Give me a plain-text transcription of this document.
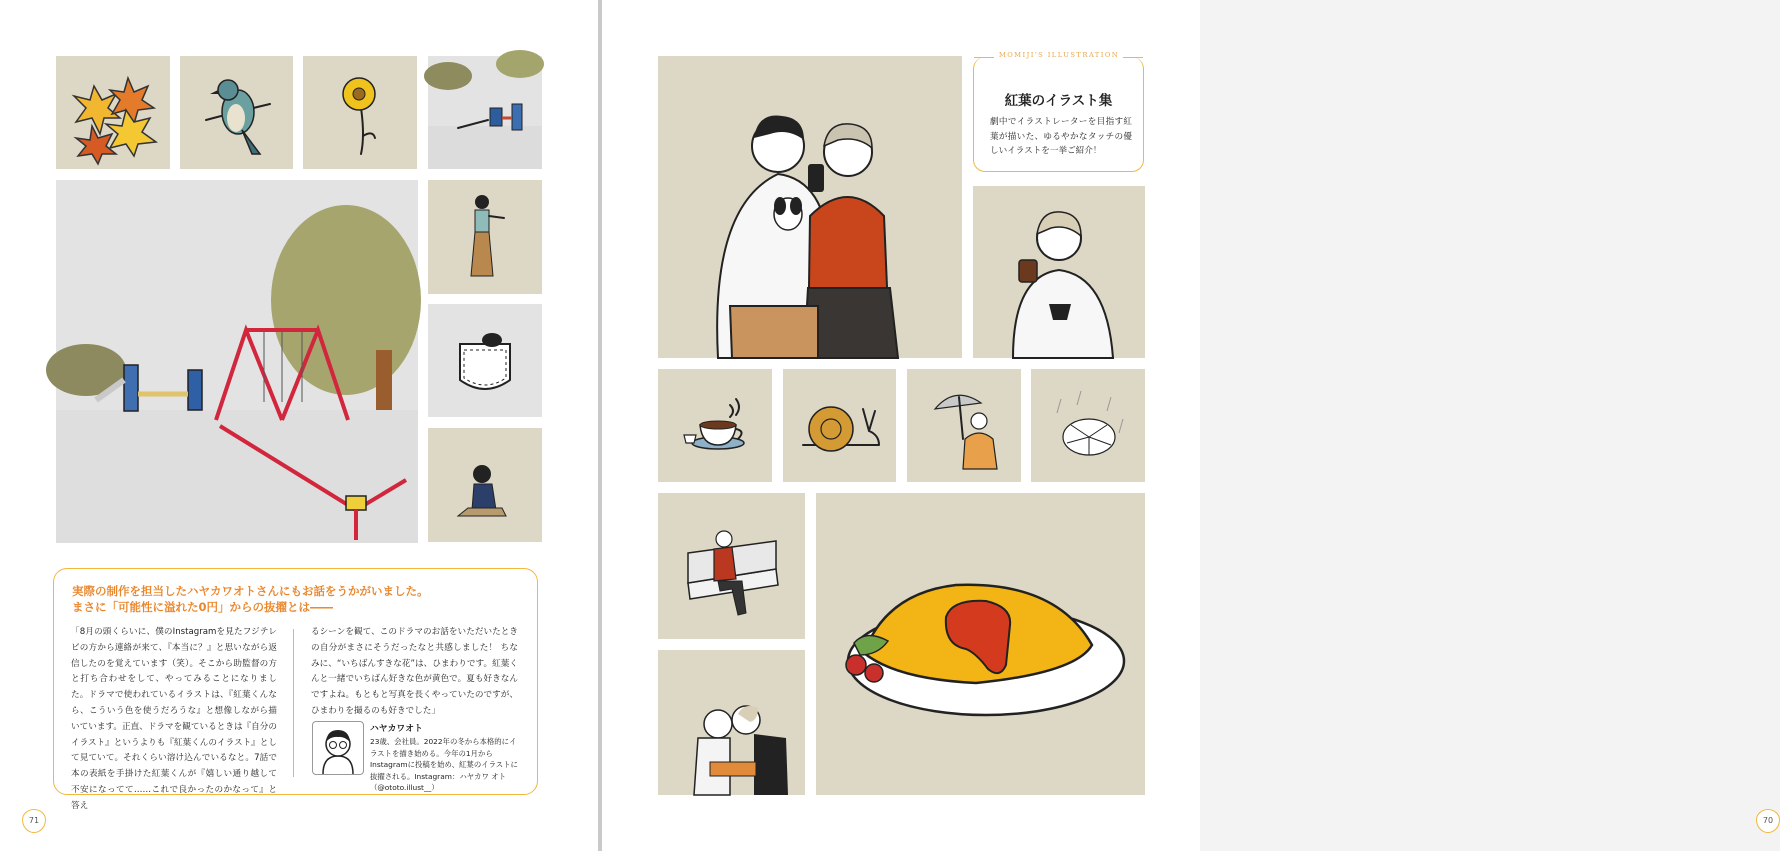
実際の制作を担当したハヤカワオトさんにもお話をうかがいました。
まさに「可能性に溢れた0円」からの抜擢とは――
「8月の頭くらいに、僕のInstagramを見たフジテレビの方から連絡が来て、『本当に？』と思いながら返信したのを覚えています（笑）。そこから助監督の方と打ち合わせをして、やってみることになりました。ドラマで使われているイラストは、『紅葉くんなら、こういう色を使うだろうな』と想像しながら描いています。正直、ドラマを観ているときは『自分のイラスト』というよりも『紅葉くんのイラスト』として見ていて。それくらい溶け込んでいるなと。7話で本の表紙を手掛けた紅葉くんが『嬉しい通り越して不安になってて……これで良かったのかなって』と答え
るシーンを観て、このドラマのお話をいただいたときの自分がまさにそうだったなと共感しました！ ちなみに、“いちばんすきな花”は、ひまわりです。紅葉くんと一緒でいちばん好きな色が黄色で。夏も好きなんですよね。もともと写真を長くやっていたのですが、ひまわりを撮るのも好きでした」
ハヤカワオト
23歳、会社員。2022年の冬から本格的にイラストを描き始める。今年の1月からInstagramに投稿を始め、紅葉のイラストに抜擢される。Instagram：ハヤカワ オト（@ototo.illust__）
71
MOMIJI'S ILLUSTRATION
紅葉のイラスト集
劇中でイラストレーターを目指す紅葉が描いた、ゆるやかなタッチの優しいイラストを一挙ご紹介！
70
